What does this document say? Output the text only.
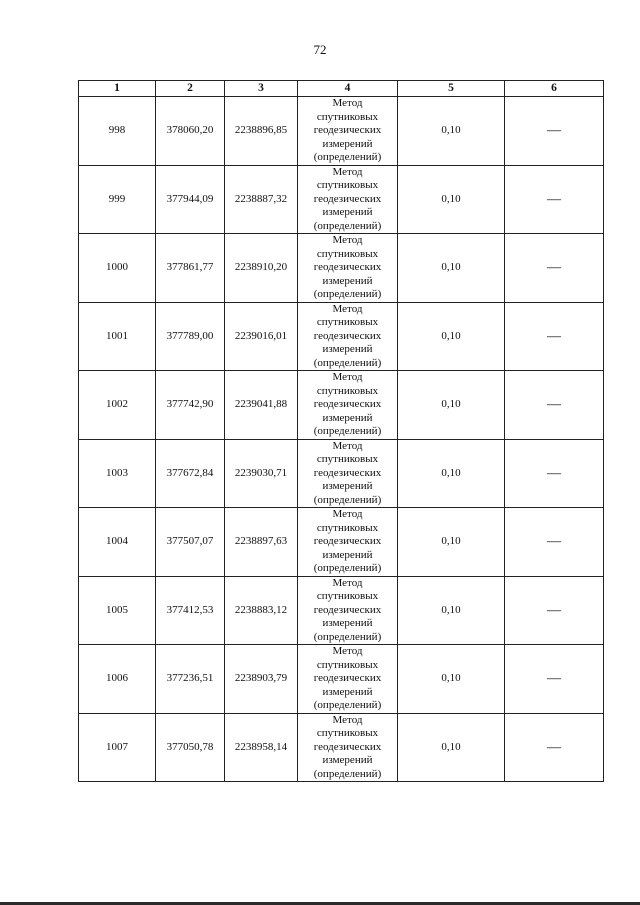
72
1	2	3	4	5	6
998	378060,20	2238896,85	Метод
спутниковых
геодезических
измерений
(определений)	0,10	—
999	377944,09	2238887,32	Метод
спутниковых
геодезических
измерений
(определений)	0,10	—
1000	377861,77	2238910,20	Метод
спутниковых
геодезических
измерений
(определений)	0,10	—
1001	377789,00	2239016,01	Метод
спутниковых
геодезических
измерений
(определений)	0,10	—
1002	377742,90	2239041,88	Метод
спутниковых
геодезических
измерений
(определений)	0,10	—
1003	377672,84	2239030,71	Метод
спутниковых
геодезических
измерений
(определений)	0,10	—
1004	377507,07	2238897,63	Метод
спутниковых
геодезических
измерений
(определений)	0,10	—
1005	377412,53	2238883,12	Метод
спутниковых
геодезических
измерений
(определений)	0,10	—
1006	377236,51	2238903,79	Метод
спутниковых
геодезических
измерений
(определений)	0,10	—
1007	377050,78	2238958,14	Метод
спутниковых
геодезических
измерений
(определений)	0,10	—
